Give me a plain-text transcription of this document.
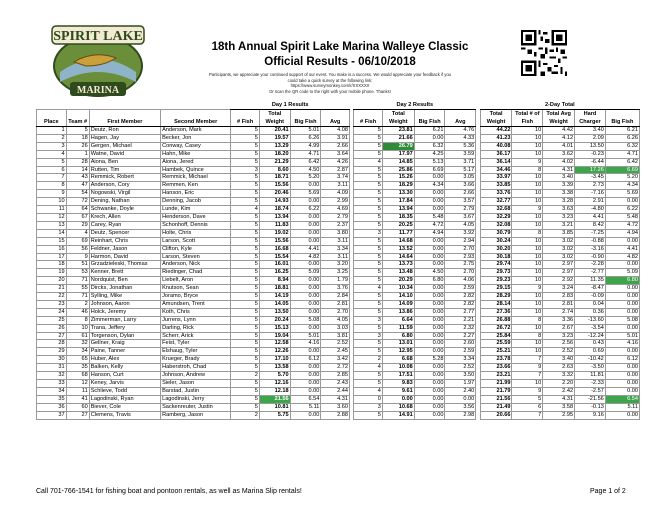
SPIRIT LAKE
MARINA
18th Annual Spirit Lake Marina Walleye Classic
Official Results - 06/10/2018
Participants, we appreciate your continued support of our event. You make is a success. We would appreciate your feedback if you
could take a quick survey at the following link:
https://www.surveymonkey.com/r/XXXXXX
Or scan the QR code to the right with your mobile phone. Thanks!
				Day 1 Results					Day 2 Results					2-Day Total				
					Total					Total				Total	Total # of	Total Avg	Hard	
Place	Team #	First Member	Second Member	# Fish	Weight	Big Fish	Avg		# Fish	Weight	Big Fish	Avg		Weight	Fish	Weight	Charger	Big Fish
1	5	Deutz, Ron	Anderson, Mark	5	20.41	5.01	4.08		5	23.81	6.21	4.76		44.22	10	4.42	3.40	6.21
2	18	Hagen, Jay	Becker, Jon	5	19.57	6.26	3.91		5	21.66	0.00	4.33		41.23	10	4.12	2.09	6.26
3	26	Gergen, Michael	Conway, Casey	5	13.29	4.99	2.66		5	26.79	6.32	5.36		40.08	10	4.01	13.50	6.32
4	1	Watne, David	Hahn, Mike	5	18.20	4.71	3.64		5	17.97	4.25	3.59		36.17	10	3.62	-0.23	4.71
5	28	Aiona, Ben	Aiona, Jered	5	21.29	6.42	4.26		4	14.85	5.13	3.71		36.14	9	4.02	-6.44	6.42
6	14	Rutten, Tim	Hambek, Quince	3	8.60	4.50	2.87		5	25.86	6.69	5.17		34.46	8	4.31	17.26	6.69
7	43	Remmick, Robert	Remmick, Michael	5	18.71	5.20	3.74		5	15.26	0.00	3.05		33.97	10	3.40	-3.45	5.20
8	47	Anderson, Cory	Remmen, Ken	5	15.56	0.00	3.11		5	18.29	4.34	3.66		33.85	10	3.39	2.73	4.34
9	54	Nogowski, Virgil	Hanson, Eric	5	20.46	5.69	4.09		5	13.30	0.00	2.66		33.76	10	3.38	-7.16	5.69
10	72	Dening, Nathan	Denning, Jacob	5	14.93	0.00	2.99		5	17.84	0.00	3.57		32.77	10	3.28	2.91	0.00
11	64	Schwanke, Doyle	Lunde, Kim	4	18.74	6.22	4.69		5	13.94	0.00	2.79		32.68	9	3.63	-4.80	6.22
12	67	Krech, Allen	Henderson, Dave	5	13.94	0.00	2.79		5	18.35	5.48	3.67		32.29	10	3.23	4.41	5.48
13	29	Carey, Ryan	Schonhoff, Dennis	5	11.83	0.00	2.37		5	20.25	4.72	4.05		32.08	10	3.21	8.42	4.72
14	4	Deutz, Spencer	Holte, Chris	5	19.02	0.00	3.80		3	11.77	4.94	3.92		30.79	8	3.85	-7.25	4.94
15	69	Reinhart, Chris	Larson, Scott	5	15.56	0.00	3.11		5	14.68	0.00	2.94		30.24	10	3.02	-0.88	0.00
16	56	Feldner, Jason	Clifton, Kyle	5	16.68	4.41	3.34		5	13.52	0.00	2.70		30.20	10	3.02	-3.16	4.41
17	9	Harmon, David	Larson, Steven	5	15.54	4.82	3.11		5	14.64	0.00	2.93		30.18	10	3.02	-0.90	4.82
18	51	Grzadzieleski, Thomas	Anderson, Nick	5	16.01	0.00	3.20		5	13.73	0.00	2.75		29.74	10	2.97	-2.28	0.00
19	53	Kenner, Brett	Riedinger, Chad	5	16.25	5.09	3.25		5	13.48	4.50	2.70		29.73	10	2.97	-2.77	5.09
20	71	Nordquist, Ben	Liebelt, Aron	5	8.94	0.00	1.79		5	20.29	6.80	4.06		29.23	10	2.92	11.35	6.80
21	55	Dircks, Jonathan	Knutson, Sean	5	18.81	0.00	3.76		4	10.34	0.00	2.59		29.15	9	3.24	-8.47	0.00
22	71	Sylling, Mike	Joramo, Bryce	5	14.19	0.00	2.84		5	14.10	0.00	2.82		28.29	10	2.83	-0.09	0.00
23	2	Johnson, Aaron	Amundsen, Trent	5	14.05	0.00	2.81		5	14.09	0.00	2.82		28.14	10	2.81	0.04	0.00
24	46	Holck, Jeremy	Koth, Chris	5	13.50	0.00	2.70		5	13.86	0.00	2.77		27.36	10	2.74	0.36	0.00
25	8	Zimmerman, Larry	Jurrens, Lynn	5	20.24	5.08	4.05		3	6.64	0.00	2.21		26.88	8	3.36	-13.60	5.08
26	10	Trana, Jeffery	Darling, Rick	5	15.13	0.00	3.03		5	11.59	0.00	2.32		26.72	10	2.67	-3.54	0.00
27	61	Torgenson, Dylan	Scherr, Arick	5	19.04	5.01	3.81		3	6.80	0.00	2.27		25.84	8	3.23	-12.24	5.01
28	32	Gellner, Kraig	Feist, Tyler	5	12.58	4.16	2.52		5	13.01	0.00	2.60		25.59	10	2.56	0.43	4.16
29	34	Paine, Tanner	Elshaug, Tyler	5	12.26	0.00	2.45		5	12.95	0.00	2.59		25.21	10	2.52	0.69	0.00
30	65	Huber, Alex	Krueger, Brady	5	17.10	6.12	3.42		2	6.68	5.28	3.34		23.78	7	3.40	-10.42	6.12
31	35	Balken, Kelly	Haberstroh, Chad	5	13.58	0.00	2.72		4	10.08	0.00	2.52		23.66	9	2.63	-3.50	0.00
32	68	Hanson, Curt	Johnson, Andrew	2	5.70	0.00	2.85		5	17.51	0.00	3.50		23.21	7	3.32	11.81	0.00
33	12	Keney, Jarvis	Sieler, Jason	5	12.16	0.00	2.43		5	9.83	0.00	1.97		21.99	10	2.20	-2.33	0.00
34	11	Schlieve, Todd	Barstad, Justin	5	12.18	0.00	2.44		4	9.61	0.00	2.40		21.79	9	2.42	-2.57	0.00
35	41	Lagodinski, Ryan	Lagodinski, Jerry	5	21.56	6.54	4.31		0	0.00	0.00	0.00		21.56	5	4.31	-21.56	6.54
36	60	Biever, Cole	Sackenreuter, Justin	5	10.81	5.11	3.60		3	10.68	0.00	3.56		21.49	6	3.58	-0.13	5.11
37	27	Clemens, Travis	Ramberg, Jason	2	5.75	0.00	2.88		5	14.91	0.00	2.98		20.66	7	2.95	9.16	0.00
Call 701-766-1541 for fishing boat and pontoon rentals, as well as Marina Slip rentals!	Page 1 of 2
